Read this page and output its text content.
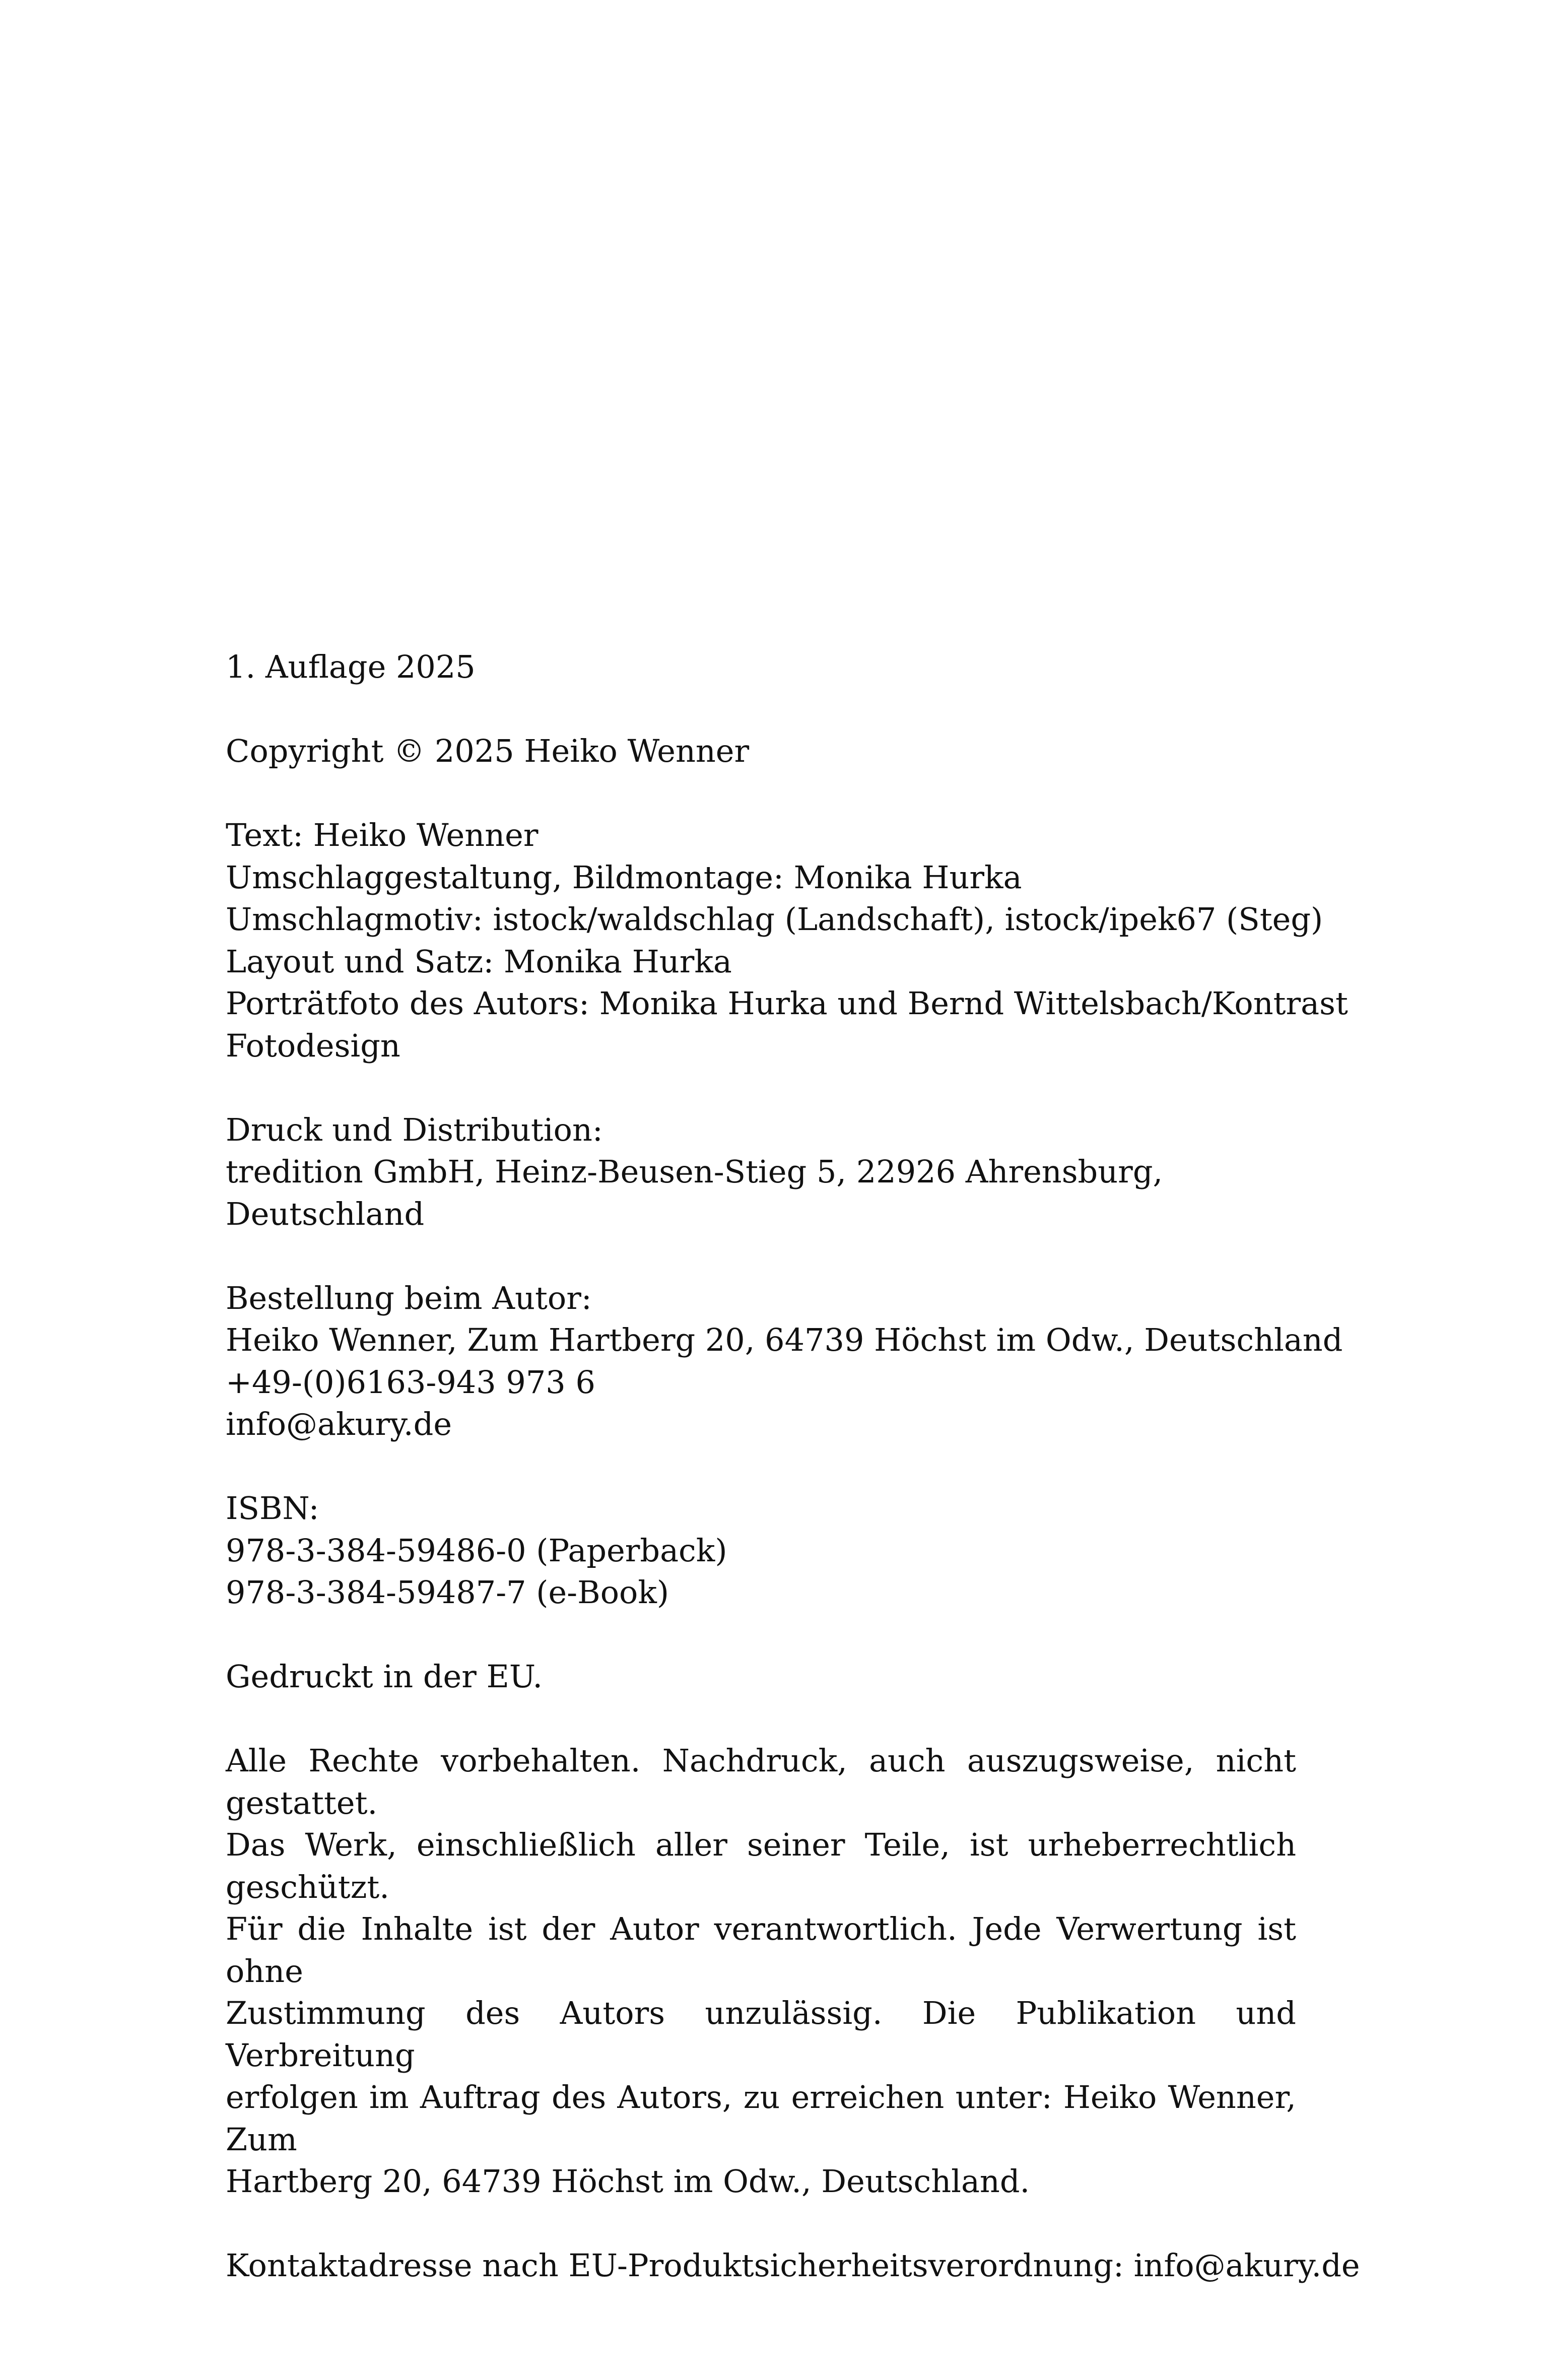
1. Auflage 2025
Copyright © 2025 Heiko Wenner
Text: Heiko Wenner
Umschlaggestaltung, Bildmontage: Monika Hurka
Umschlagmotiv: istock/waldschlag (Landschaft), istock/ipek67 (Steg)
Layout und Satz: Monika Hurka
Porträtfoto des Autors: Monika Hurka und Bernd Wittelsbach/Kontrast
Fotodesign
Druck und Distribution:
tredition GmbH, Heinz-Beusen-Stieg 5, 22926 Ahrensburg,
Deutschland
Bestellung beim Autor:
Heiko Wenner, Zum Hartberg 20, 64739 Höchst im Odw., Deutschland
+49-(0)6163-943 973 6
info@akury.de
ISBN:
978-3-384-59486-0 (Paperback)
978-3-384-59487-7 (e-Book)
Gedruckt in der EU.
Alle Rechte vorbehalten. Nachdruck, auch auszugsweise, nicht gestattet.
Das Werk, einschließlich aller seiner Teile, ist urheberrechtlich geschützt.
Für die Inhalte ist der Autor verantwortlich. Jede Verwertung ist ohne
Zustimmung des Autors unzulässig. Die Publikation und Verbreitung
erfolgen im Auftrag des Autors, zu erreichen unter: Heiko Wenner, Zum
Hartberg 20, 64739 Höchst im Odw., Deutschland.
Kontaktadresse nach EU-Produktsicherheitsverordnung: info@akury.de
